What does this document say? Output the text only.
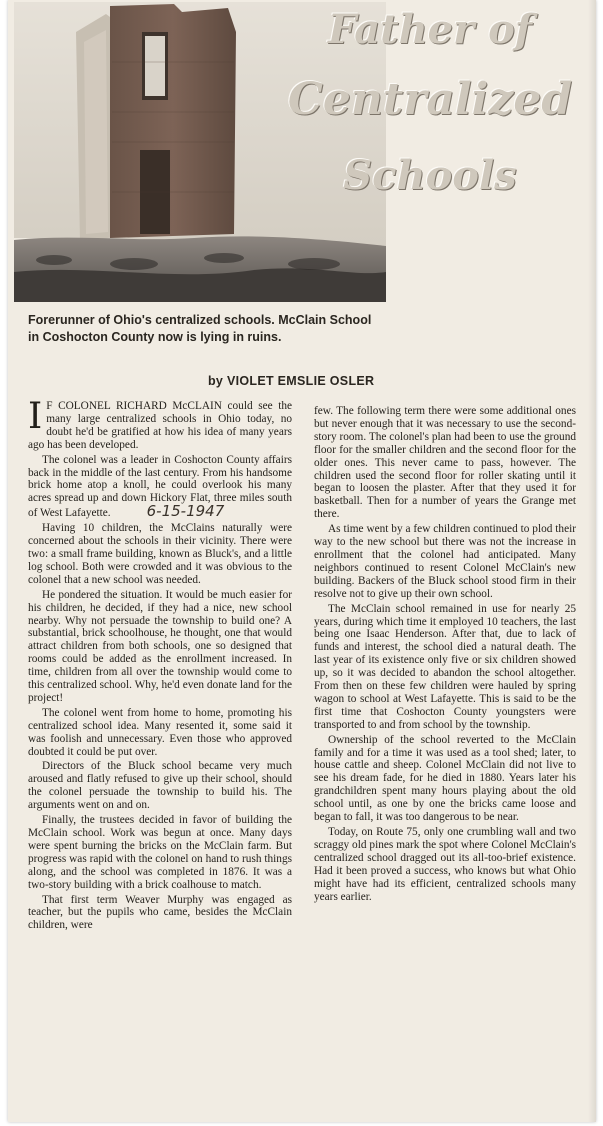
Father of
Centralized
Schools
Forerunner of Ohio's centralized schools. McClain School in Coshocton County now is lying in ruins.
by VIOLET EMSLIE OSLER

I F COLONEL RICHARD McCLAIN could see the many large centralized schools in Ohio today, no doubt he'd be gratified at how his idea of many years ago has been developed.

The colonel was a leader in Coshocton County affairs back in the middle of the last century. From his handsome brick home atop a knoll, he could overlook his many acres spread up and down Hickory Flat, three miles south of West Lafayette. 6-15-1947

Having 10 children, the McClains naturally were concerned about the schools in their vicinity. There were two: a small frame building, known as Bluck's, and a little log school. Both were crowded and it was obvious to the colonel that a new school was needed.

He pondered the situation. It would be much easier for his children, he decided, if they had a nice, new school nearby. Why not persuade the township to build one? A substantial, brick schoolhouse, he thought, one that would attract children from both schools, one so designed that rooms could be added as the enrollment increased. In time, children from all over the township would come to this centralized school. Why, he'd even donate land for the project!

The colonel went from home to home, promoting his centralized school idea. Many resented it, some said it was foolish and unnecessary. Even those who approved doubted it could be put over.

Directors of the Bluck school became very much aroused and flatly refused to give up their school, should the colonel persuade the township to build his. The arguments went on and on.

Finally, the trustees decided in favor of building the McClain school. Work was begun at once. Many days were spent burning the bricks on the McClain farm. But progress was rapid with the colonel on hand to rush things along, and the school was completed in 1876. It was a two-story building with a brick coalhouse to match.

That first term Weaver Murphy was engaged as teacher, but the pupils who came, besides the McClain children, were

few. The following term there were some additional ones but never enough that it was necessary to use the second-story room. The colonel's plan had been to use the ground floor for the smaller children and the second floor for the older ones. This never came to pass, however. The children used the second floor for roller skating until it began to loosen the plaster. After that they used it for basketball. Then for a number of years the Grange met there.

As time went by a few children continued to plod their way to the new school but there was not the increase in enrollment that the colonel had anticipated. Many neighbors continued to resent Colonel McClain's new building. Backers of the Bluck school stood firm in their resolve not to give up their own school.

The McClain school remained in use for nearly 25 years, during which time it employed 10 teachers, the last being one Isaac Henderson. After that, due to lack of funds and interest, the school died a natural death. The last year of its existence only five or six children showed up, so it was decided to abandon the school altogether. From then on these few children were hauled by spring wagon to school at West Lafayette. This is said to be the first time that Coshocton County youngsters were transported to and from school by the township.

Ownership of the school reverted to the McClain family and for a time it was used as a tool shed; later, to house cattle and sheep. Colonel McClain did not live to see his dream fade, for he died in 1880. Years later his grandchildren spent many hours playing about the old school until, as one by one the bricks came loose and began to fall, it was too dangerous to be near.

Today, on Route 75, only one crumbling wall and two scraggy old pines mark the spot where Colonel McClain's centralized school dragged out its all-too-brief existence. Had it been proved a success, who knows but what Ohio might have had its efficient, centralized schools many years earlier.
